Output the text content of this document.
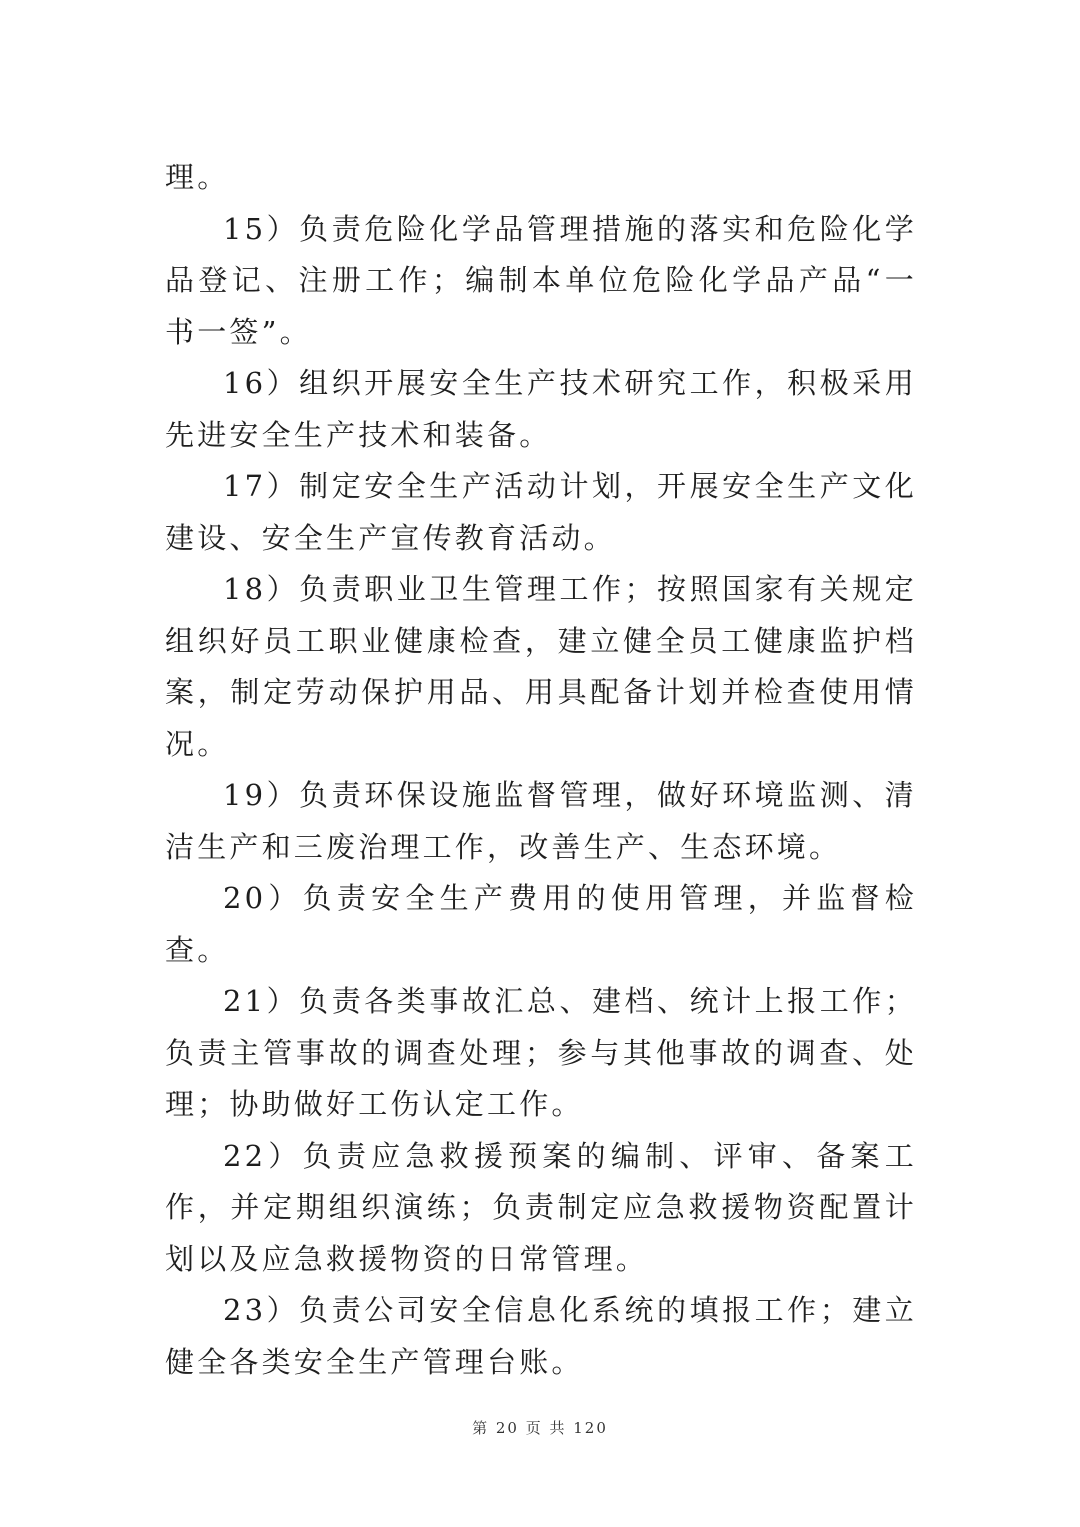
理。

15）负责危险化学品管理措施的落实和危险化学品登记、注册工作；编制本单位危险化学品产品“一书一签”。

16）组织开展安全生产技术研究工作，积极采用先进安全生产技术和装备。

17）制定安全生产活动计划，开展安全生产文化建设、安全生产宣传教育活动。

18）负责职业卫生管理工作；按照国家有关规定组织好员工职业健康检查，建立健全员工健康监护档案，制定劳动保护用品、用具配备计划并检查使用情况。

19）负责环保设施监督管理，做好环境监测、清洁生产和三废治理工作，改善生产、生态环境。

20）负责安全生产费用的使用管理，并监督检查。

21）负责各类事故汇总、建档、统计上报工作；负责主管事故的调查处理；参与其他事故的调查、处理；协助做好工伤认定工作。

22）负责应急救援预案的编制、评审、备案工作，并定期组织演练；负责制定应急救援物资配置计划以及应急救援物资的日常管理。

23）负责公司安全信息化系统的填报工作；建立健全各类安全生产管理台账。

第 20 页 共 120
